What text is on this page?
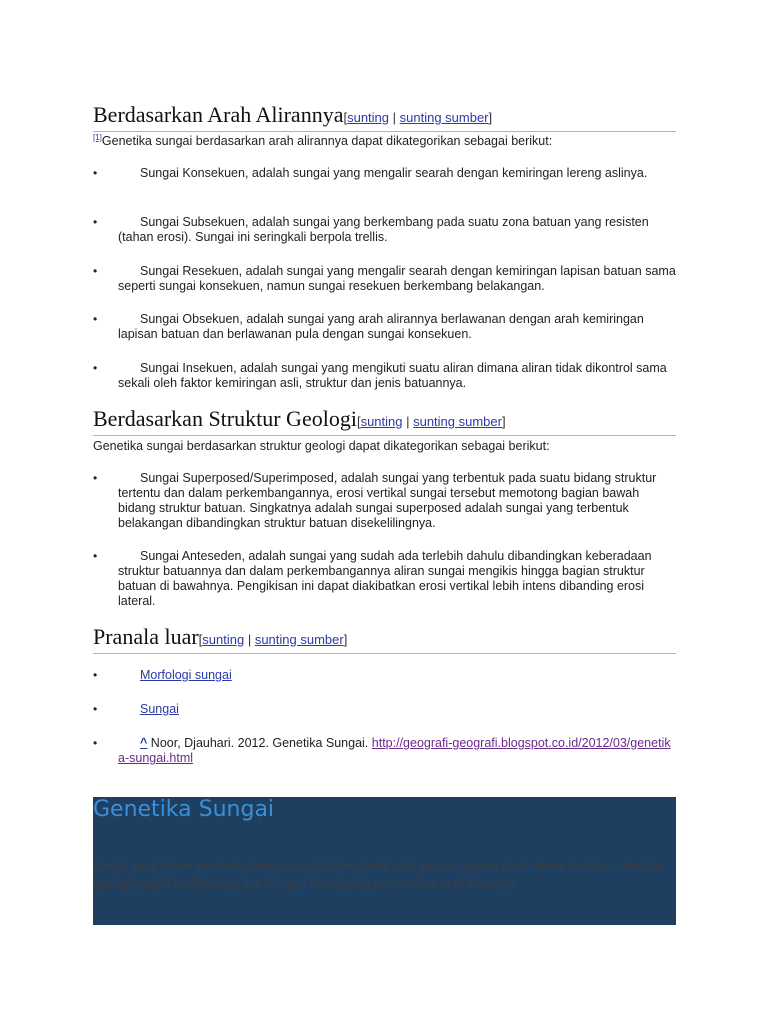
Berdasarkan Arah Alirannya[sunting | sunting sumber]
[1]Genetika sungai berdasarkan arah alirannya dapat dikategorikan sebagai berikut:
•	Sungai Konsekuen, adalah sungai yang mengalir searah dengan kemiringan lereng aslinya.
•	Sungai Subsekuen, adalah sungai yang berkembang pada suatu zona batuan yang resisten (tahan erosi). Sungai ini seringkali berpola trellis.
•	Sungai Resekuen, adalah sungai yang mengalir searah dengan kemiringan lapisan batuan sama seperti sungai konsekuen, namun sungai resekuen berkembang belakangan.
•	Sungai Obsekuen, adalah sungai yang arah alirannya berlawanan dengan arah kemiringan lapisan batuan dan berlawanan pula dengan sungai konsekuen.
•	Sungai Insekuen, adalah sungai yang mengikuti suatu aliran dimana aliran tidak dikontrol sama sekali oleh faktor kemiringan asli, struktur dan jenis batuannya.
Berdasarkan Struktur Geologi[sunting | sunting sumber]
Genetika sungai berdasarkan struktur geologi dapat dikategorikan sebagai berikut:
•	Sungai Superposed/Superimposed, adalah sungai yang terbentuk pada suatu bidang struktur tertentu dan dalam perkembangannya, erosi vertikal sungai tersebut memotong bagian bawah bidang struktur batuan. Singkatnya adalah sungai superposed adalah sungai yang terbentuk belakangan dibandingkan struktur batuan disekelilingnya.
•	Sungai Anteseden, adalah sungai yang sudah ada terlebih dahulu dibandingkan keberadaan struktur batuannya dan dalam perkembangannya aliran sungai mengikis hingga bagian struktur batuan di bawahnya. Pengikisan ini dapat diakibatkan erosi vertikal lebih intens dibanding erosi lateral.
Pranala luar[sunting | sunting sumber]
•	Morfologi sungai
•	Sungai
•	^ Noor, Djauhari. 2012. Genetika Sungai. http://geografi-geografi.blogspot.co.id/2012/03/genetika-sungai.html
Genetika Sungai
Sungai yang dalam pembentukannya, sangat dipengaruhi oleh proses – proses diastrofisme struktur – struktur geologi yang dihasilkannya, dan lereng – lereng yang menentukan arah alirannya.
